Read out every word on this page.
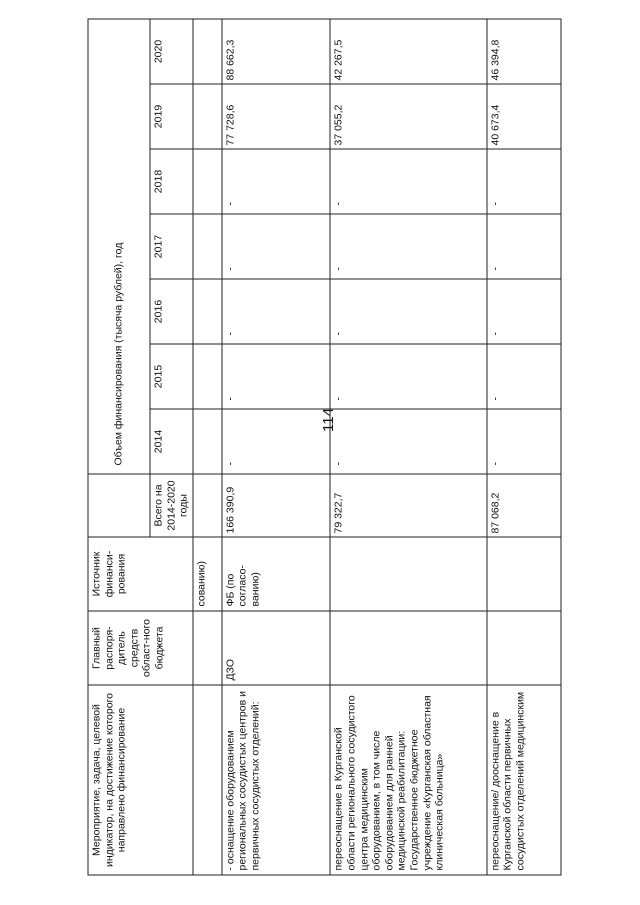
114
Мероприятие, задача, целевой индикатор, на достижение которого направлено финансирование	Главный распоря-дитель средств област-ного бюджета	Источник финанси-рования		Объем финансирования (тысяча рублей), год						
			Всего на 2014-2020 годы	2014	2015	2016	2017	2018	2019	2020
		сованию)								
- оснащение оборудованием региональных сосудистых центров и первичных сосудистых отделений:	ДЗО	ФБ (по согласо-ванию)	166 390,9	-	-	-	-	-	77 728,6	88 662,3
переоснащение в Курганской области регионального сосудистого центра медицинским оборудованием, в том числе оборудованием для ранней медицинской реабилитации: Государственное бюджетное учреждение «Курганская областная клиническая больница»			79 322,7	-	-	-	-	-	37 055,2	42 267,5
переоснащение/ дооснащение в Курганской области первичных сосудистых отделений медицинским			87 068,2	-	-	-	-	-	40 673,4	46 394,8
